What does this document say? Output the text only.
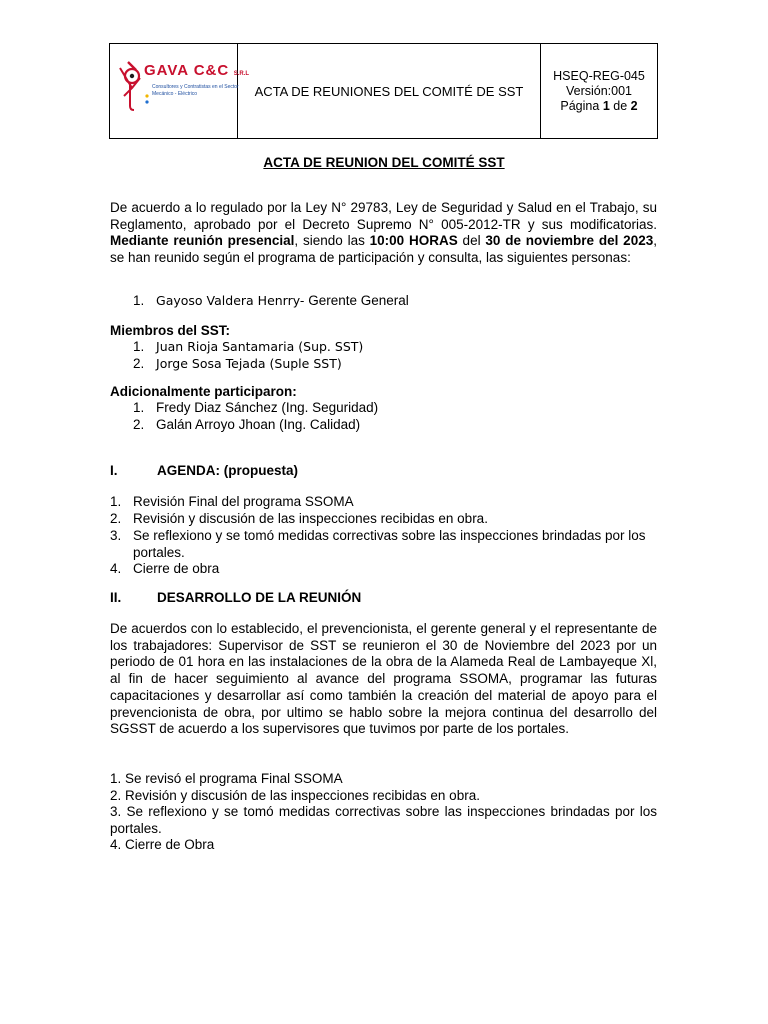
GAVA C&C S.R.L
Consultores y Contratistas en el Sector
Mecánico - Eléctrico	ACTA DE REUNIONES DEL COMITÉ DE SST
HSEQ-REG-045
Versión:001
Página 1 de 2
ACTA DE REUNION DEL COMITÉ SST
De acuerdo a lo regulado por la Ley N° 29783, Ley de Seguridad y Salud en el Trabajo, su Reglamento, aprobado por el Decreto Supremo N° 005-2012-TR y sus modificatorias. Mediante reunión presencial, siendo las 10:00 HORAS del 30 de noviembre del 2023, se han reunido según el programa de participación y consulta, las siguientes personas:
1. Gayoso Valdera Henrry- Gerente General
Miembros del SST:
1. Juan Rioja Santamaria (Sup. SST)
2. Jorge Sosa Tejada (Suple SST)
Adicionalmente participaron:
1. Fredy Diaz Sánchez (Ing. Seguridad)
2. Galán Arroyo Jhoan (Ing. Calidad)
I.	AGENDA: (propuesta)
1. Revisión Final del programa SSOMA
2. Revisión y discusión de las inspecciones recibidas en obra.
3. Se reflexiono y se tomó medidas correctivas sobre las inspecciones brindadas por los portales.
4. Cierre de obra
II.	DESARROLLO DE LA REUNIÓN
De acuerdos con lo establecido, el prevencionista, el gerente general y el representante de los trabajadores: Supervisor de SST se reunieron el 30 de Noviembre del 2023 por un periodo de 01 hora en las instalaciones de la obra de la Alameda Real de Lambayeque Xl, al fin de hacer seguimiento al avance del programa SSOMA, programar las futuras capacitaciones y desarrollar así como también la creación del material de apoyo para el prevencionista de obra, por ultimo se hablo sobre la mejora continua del desarrollo del SGSST de acuerdo a los supervisores que tuvimos por parte de los portales.
1. Se revisó el programa Final SSOMA
2. Revisión y discusión de las inspecciones recibidas en obra.
3. Se reflexiono y se tomó medidas correctivas sobre las inspecciones brindadas por los portales.
4. Cierre de Obra
